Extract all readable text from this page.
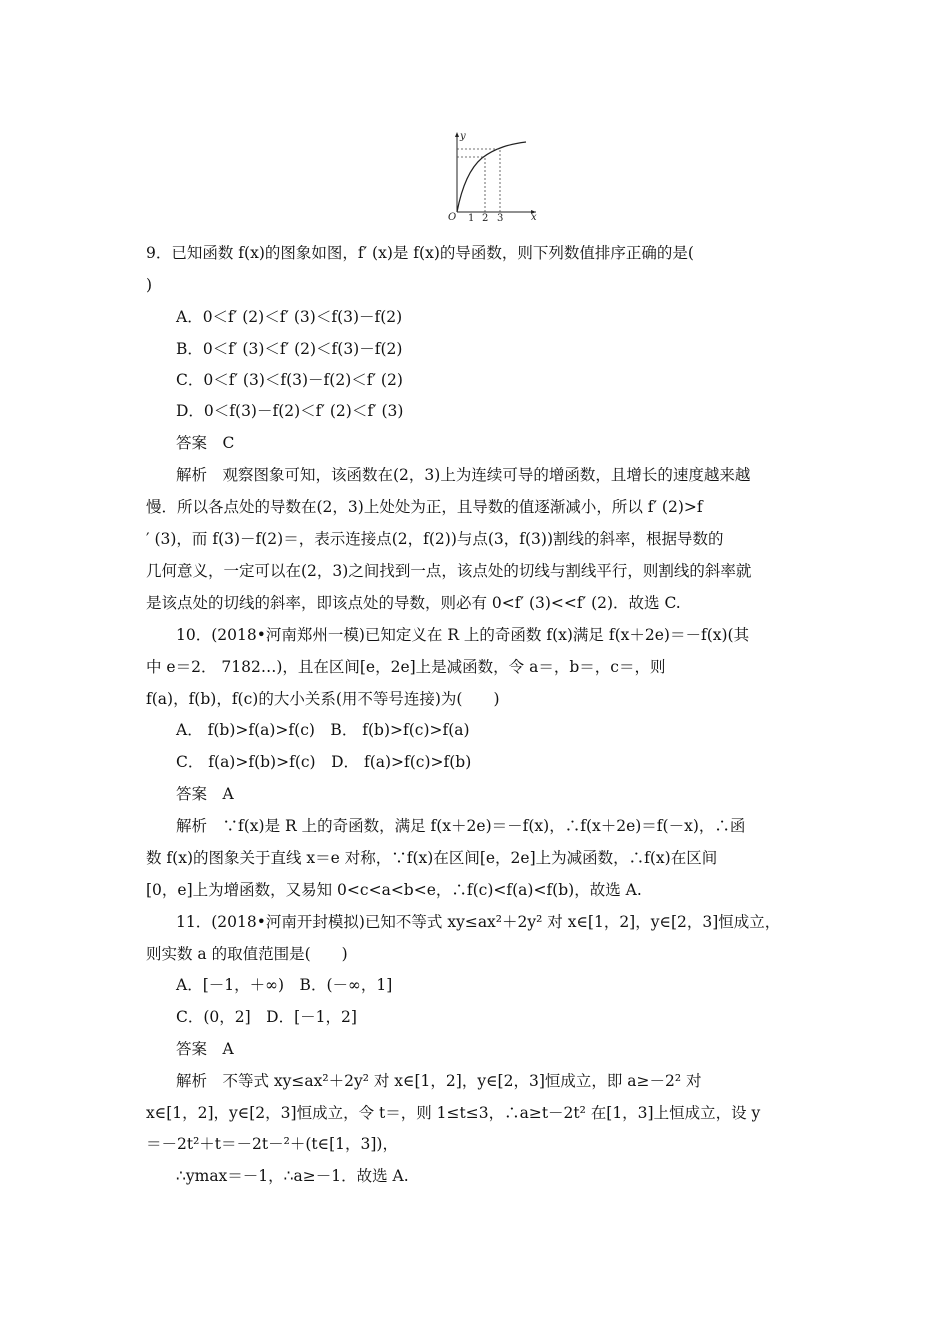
y
x
O 1 2 3
9．已知函数 f(x)的图象如图，f′ (x)是 f(x)的导函数，则下列数值排序正确的是(
)
A．0＜f′ (2)＜f′ (3)＜f(3)－f(2)
B．0＜f′ (3)＜f′ (2)＜f(3)－f(2)
C．0＜f′ (3)＜f(3)－f(2)＜f′ (2)
D．0＜f(3)－f(2)＜f′ (2)＜f′ (3)
答案　C
解析　观察图象可知，该函数在(2，3)上为连续可导的增函数，且增长的速度越来越
慢．所以各点处的导数在(2，3)上处处为正，且导数的值逐渐减小，所以 f′ (2)>f
′ (3)，而 f(3)－f(2)＝，表示连接点(2，f(2))与点(3，f(3))割线的斜率，根据导数的
几何意义，一定可以在(2，3)之间找到一点，该点处的切线与割线平行，则割线的斜率就
是该点处的切线的斜率，即该点处的导数，则必有 0<f′ (3)<<f′ (2)．故选 C.
10．(2018•河南郑州一模)已知定义在 R 上的奇函数 f(x)满足 f(x＋2e)＝－f(x)(其
中 e＝2． 7182…)，且在区间[e，2e]上是减函数，令 a＝，b＝，c＝，则
f(a)，f(b)，f(c)的大小关系(用不等号连接)为(　　)
A． f(b)>f(a)>f(c)　B． f(b)>f(c)>f(a)
C． f(a)>f(b)>f(c)　D． f(a)>f(c)>f(b)
答案　A
解析　∵f(x)是 R 上的奇函数，满足 f(x＋2e)＝－f(x)，∴f(x＋2e)＝f(－x)，∴函
数 f(x)的图象关于直线 x＝e 对称，∵f(x)在区间[e，2e]上为减函数，∴f(x)在区间
[0，e]上为增函数，又易知 0<c<a<b<e，∴f(c)<f(a)<f(b)，故选 A.
11．(2018•河南开封模拟)已知不等式 xy≤ax²＋2y² 对 x∈[1，2]，y∈[2，3]恒成立，
则实数 a 的取值范围是(　　)
A．[－1，＋∞)　B．(－∞，1]
C．(0，2]　D．[－1，2]
答案　A
解析　不等式 xy≤ax²＋2y² 对 x∈[1，2]，y∈[2，3]恒成立，即 a≥－2² 对
x∈[1，2]，y∈[2，3]恒成立，令 t＝，则 1≤t≤3，∴a≥t－2t² 在[1，3]上恒成立，设 y
＝－2t²＋t＝－2t－²＋(t∈[1，3])，
∴ymax＝－1，∴a≥－1．故选 A.
